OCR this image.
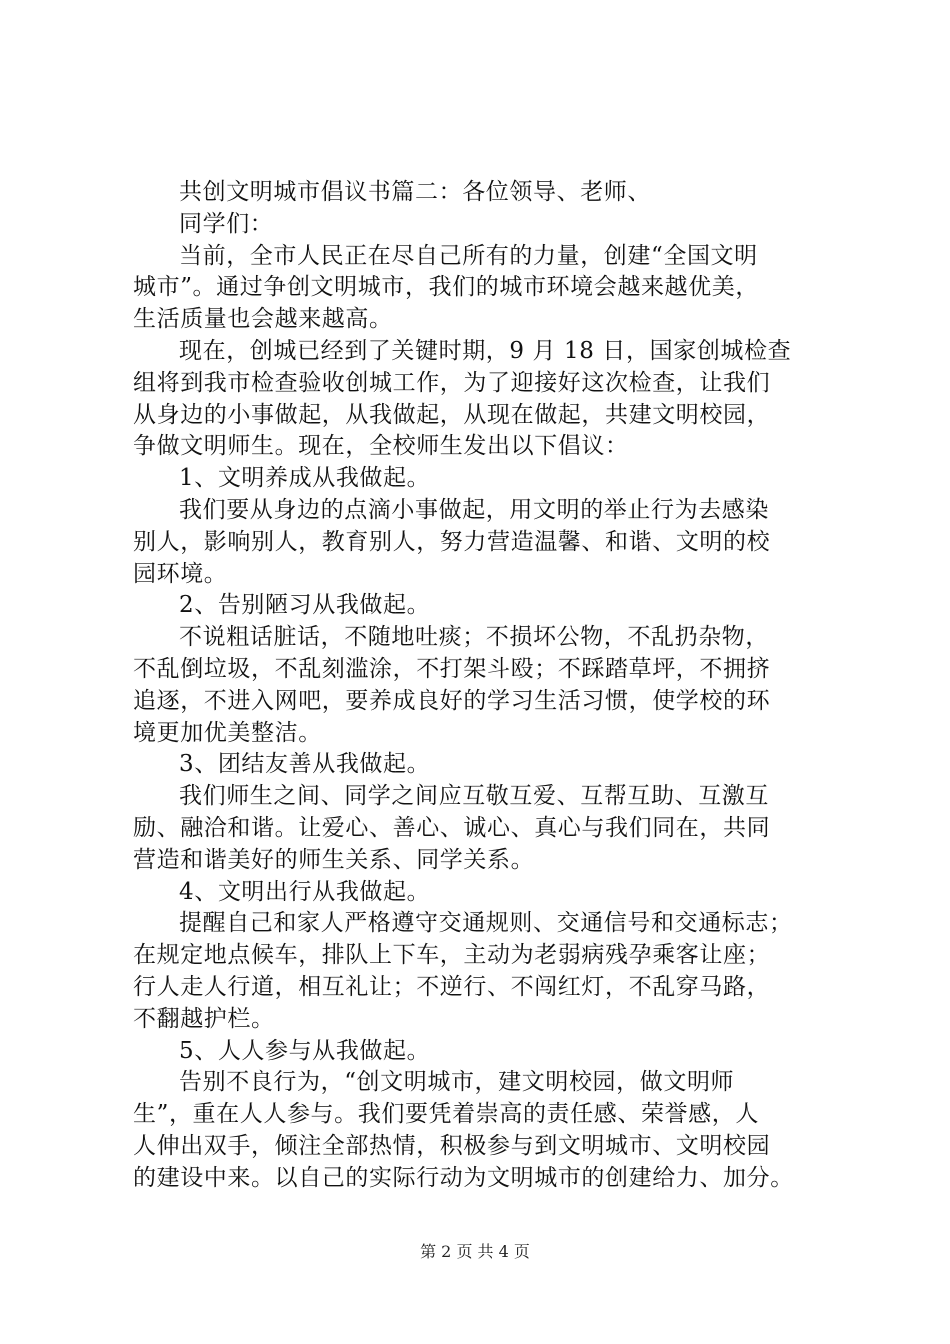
共创文明城市倡议书篇二：各位领导、老师、
同学们：
当前，全市人民正在尽自己所有的力量，创建“全国文明
城市”。通过争创文明城市，我们的城市环境会越来越优美，
生活质量也会越来越高。
现在，创城已经到了关键时期，9 月 18 日，国家创城检查
组将到我市检查验收创城工作，为了迎接好这次检查，让我们
从身边的小事做起，从我做起，从现在做起，共建文明校园，
争做文明师生。现在，全校师生发出以下倡议：
1、文明养成从我做起。
我们要从身边的点滴小事做起，用文明的举止行为去感染
别人，影响别人，教育别人，努力营造温馨、和谐、文明的校
园环境。
2、告别陋习从我做起。
不说粗话脏话，不随地吐痰；不损坏公物，不乱扔杂物，
不乱倒垃圾，不乱刻滥涂，不打架斗殴；不踩踏草坪，不拥挤
追逐，不进入网吧，要养成良好的学习生活习惯，使学校的环
境更加优美整洁。
3、团结友善从我做起。
我们师生之间、同学之间应互敬互爱、互帮互助、互激互
励、融洽和谐。让爱心、善心、诚心、真心与我们同在，共同
营造和谐美好的师生关系、同学关系。
4、文明出行从我做起。
提醒自己和家人严格遵守交通规则、交通信号和交通标志；
在规定地点候车，排队上下车，主动为老弱病残孕乘客让座；
行人走人行道，相互礼让；不逆行、不闯红灯，不乱穿马路，
不翻越护栏。
5、人人参与从我做起。
告别不良行为，“创文明城市，建文明校园，做文明师
生”，重在人人参与。我们要凭着崇高的责任感、荣誉感，人
人伸出双手，倾注全部热情，积极参与到文明城市、文明校园
的建设中来。以自己的实际行动为文明城市的创建给力、加分。
第 2 页 共 4 页
